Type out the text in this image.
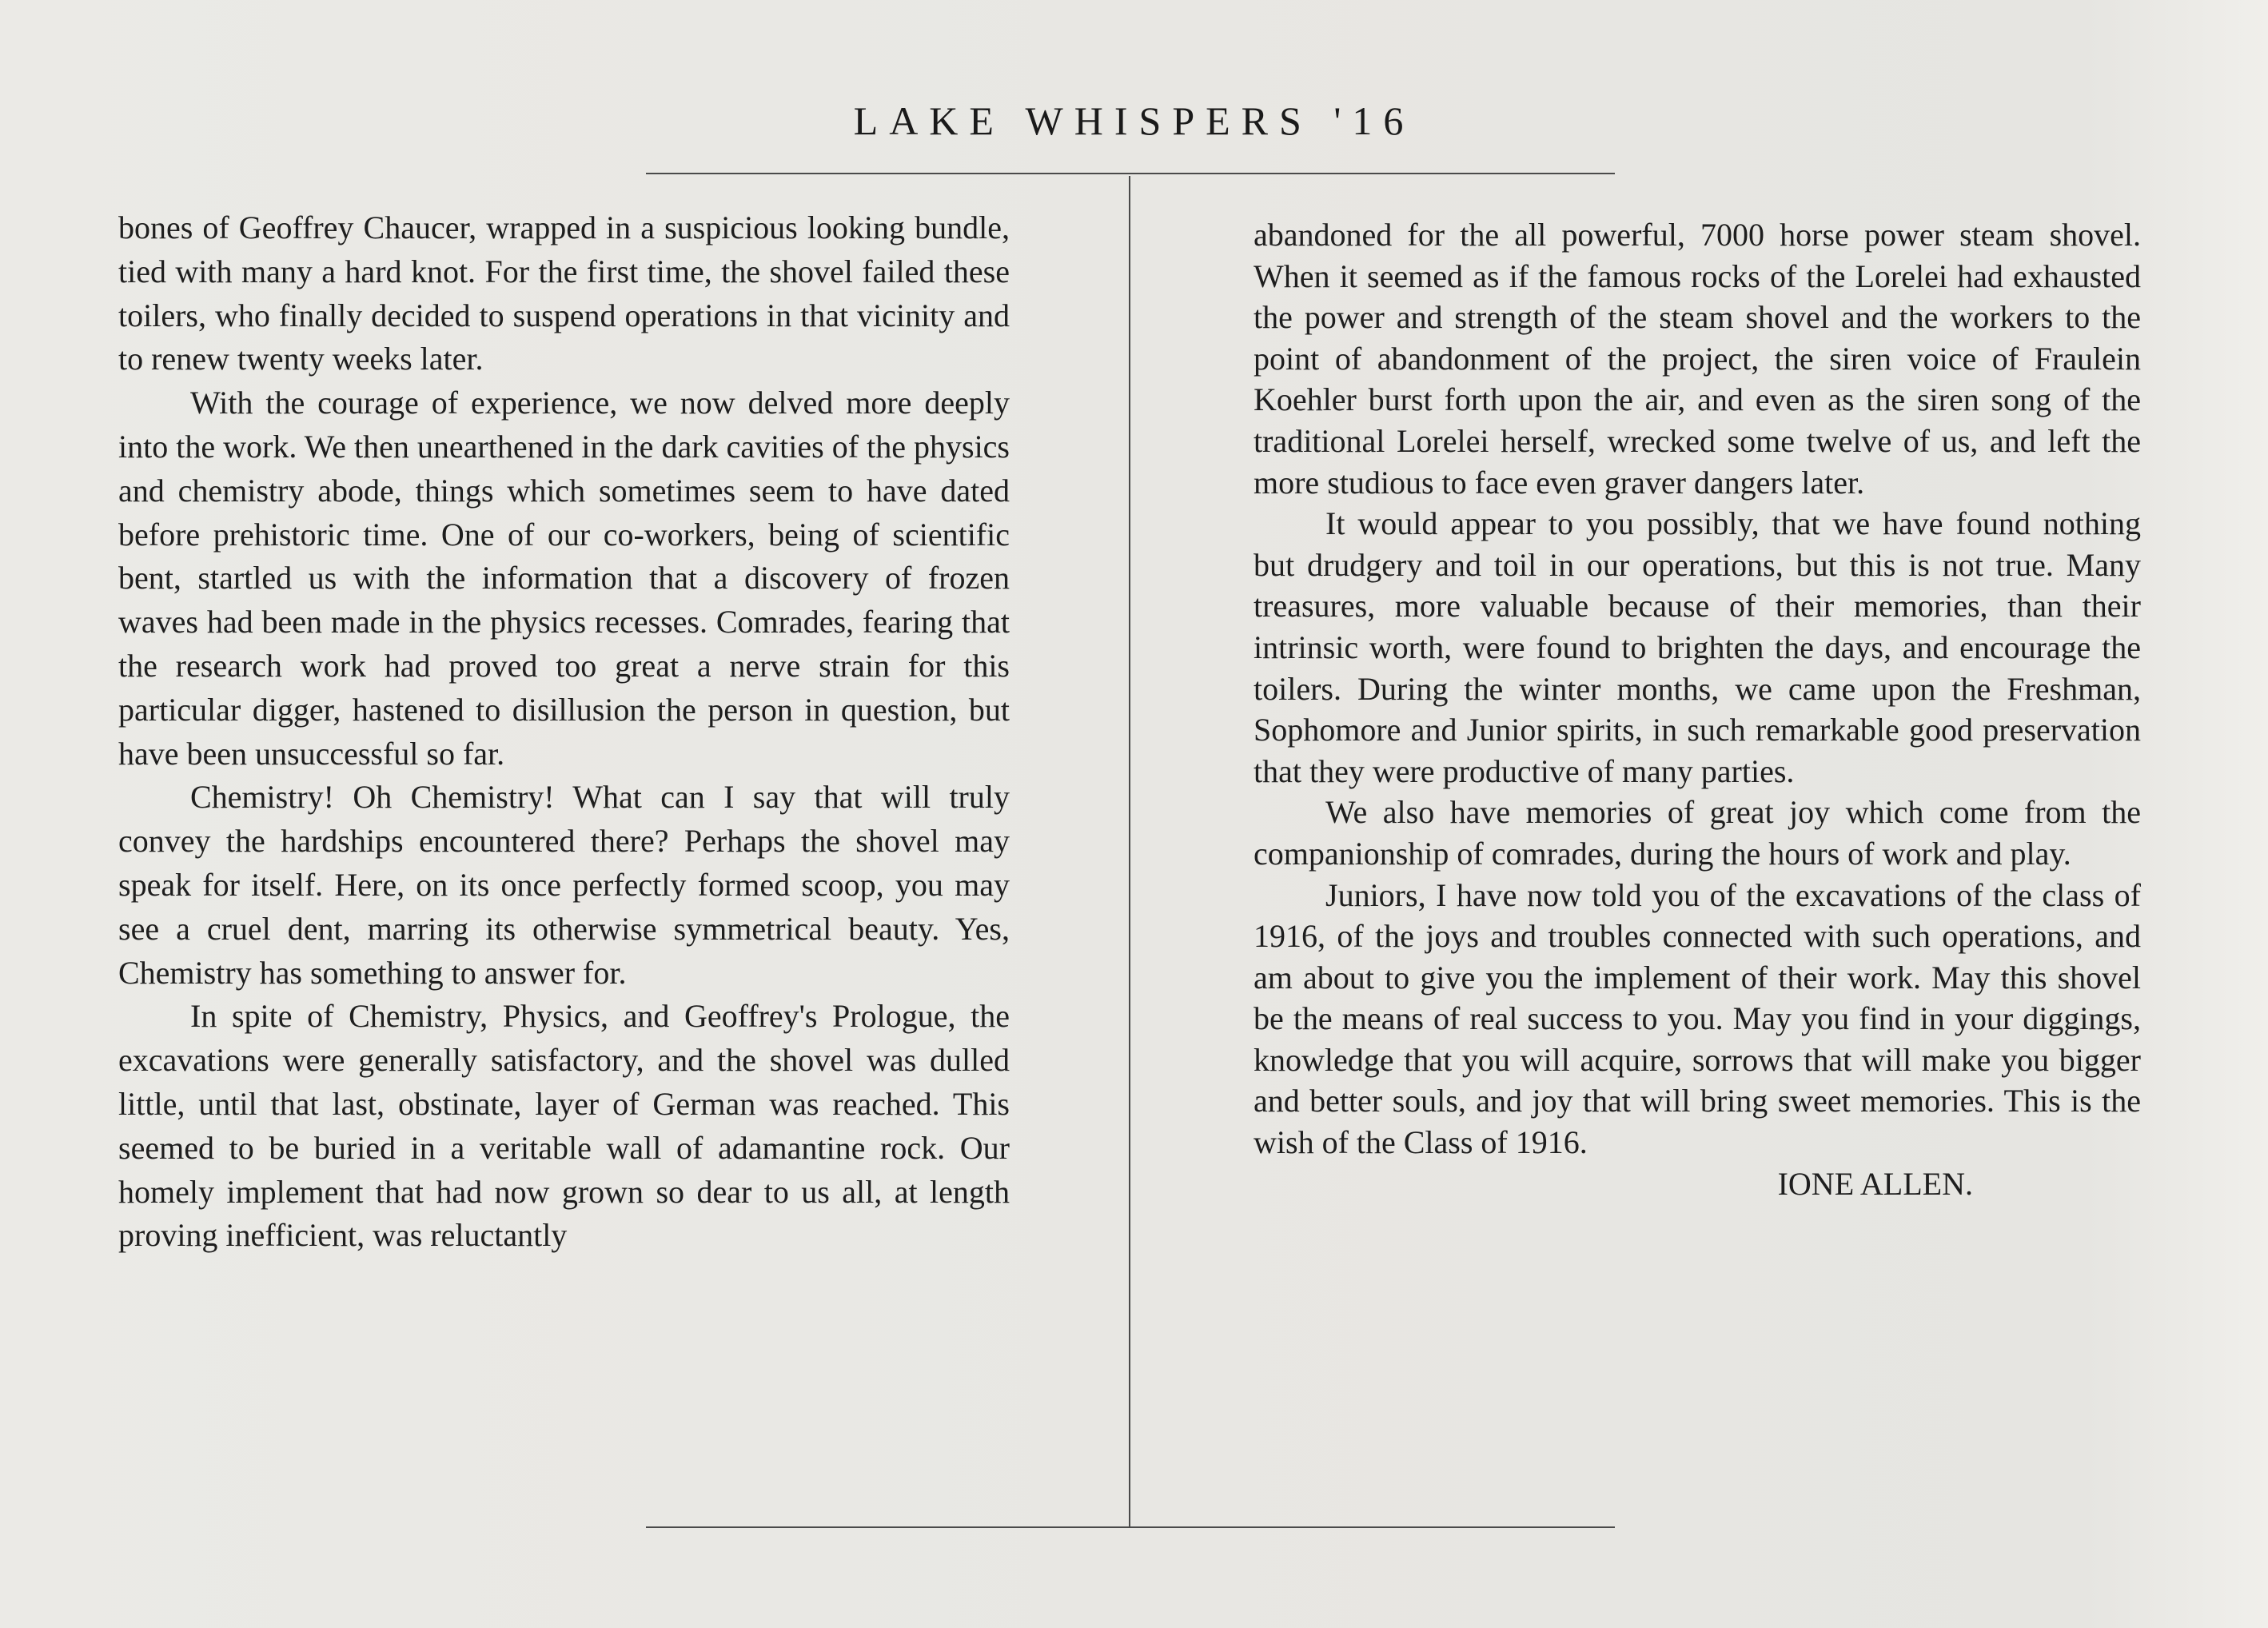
LAKE WHISPERS '16

bones of Geoffrey Chaucer, wrapped in a suspicious looking bundle, tied with many a hard knot. For the first time, the shovel failed these toilers, who finally decided to suspend operations in that vicinity and to renew twenty weeks later.

With the courage of experience, we now delved more deeply into the work. We then unearthened in the dark cavities of the physics and chemistry abode, things which sometimes seem to have dated before prehistoric time. One of our co-workers, being of scientific bent, startled us with the information that a discovery of frozen waves had been made in the physics recesses. Comrades, fearing that the research work had proved too great a nerve strain for this particular digger, hastened to disillusion the person in question, but have been unsuccessful so far.

Chemistry! Oh Chemistry! What can I say that will truly convey the hardships encountered there? Perhaps the shovel may speak for itself. Here, on its once perfectly formed scoop, you may see a cruel dent, marring its otherwise symmetrical beauty. Yes, Chemistry has something to answer for.

In spite of Chemistry, Physics, and Geoffrey's Prologue, the excavations were generally satisfactory, and the shovel was dulled little, until that last, obstinate, layer of German was reached. This seemed to be buried in a veritable wall of adamantine rock. Our homely implement that had now grown so dear to us all, at length proving inefficient, was reluctantly

abandoned for the all powerful, 7000 horse power steam shovel. When it seemed as if the famous rocks of the Lorelei had exhausted the power and strength of the steam shovel and the workers to the point of abandonment of the project, the siren voice of Fraulein Koehler burst forth upon the air, and even as the siren song of the traditional Lorelei herself, wrecked some twelve of us, and left the more studious to face even graver dangers later.

It would appear to you possibly, that we have found nothing but drudgery and toil in our operations, but this is not true. Many treasures, more valuable because of their memories, than their intrinsic worth, were found to brighten the days, and encourage the toilers. During the winter months, we came upon the Freshman, Sophomore and Junior spirits, in such remarkable good preservation that they were productive of many parties.

We also have memories of great joy which come from the companionship of comrades, during the hours of work and play.

Juniors, I have now told you of the excavations of the class of 1916, of the joys and troubles connected with such operations, and am about to give you the implement of their work. May this shovel be the means of real success to you. May you find in your diggings, knowledge that you will acquire, sorrows that will make you bigger and better souls, and joy that will bring sweet memories. This is the wish of the Class of 1916.

IONE ALLEN.
